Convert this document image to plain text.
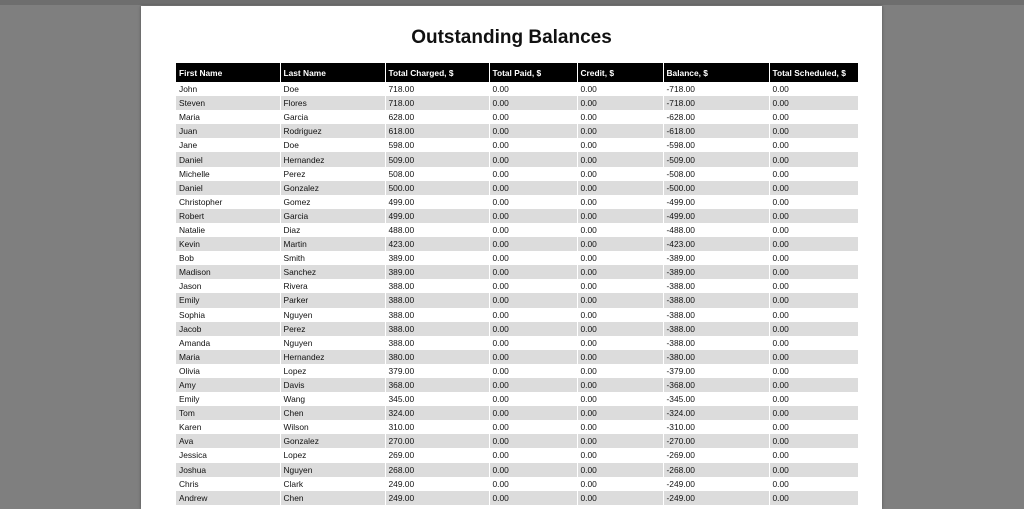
Outstanding Balances
First Name	Last Name	Total Charged, $	Total Paid, $	Credit, $	Balance, $	Total Scheduled, $
John	Doe	718.00	0.00	0.00	-718.00	0.00
Steven	Flores	718.00	0.00	0.00	-718.00	0.00
Maria	Garcia	628.00	0.00	0.00	-628.00	0.00
Juan	Rodriguez	618.00	0.00	0.00	-618.00	0.00
Jane	Doe	598.00	0.00	0.00	-598.00	0.00
Daniel	Hernandez	509.00	0.00	0.00	-509.00	0.00
Michelle	Perez	508.00	0.00	0.00	-508.00	0.00
Daniel	Gonzalez	500.00	0.00	0.00	-500.00	0.00
Christopher	Gomez	499.00	0.00	0.00	-499.00	0.00
Robert	Garcia	499.00	0.00	0.00	-499.00	0.00
Natalie	Diaz	488.00	0.00	0.00	-488.00	0.00
Kevin	Martin	423.00	0.00	0.00	-423.00	0.00
Bob	Smith	389.00	0.00	0.00	-389.00	0.00
Madison	Sanchez	389.00	0.00	0.00	-389.00	0.00
Jason	Rivera	388.00	0.00	0.00	-388.00	0.00
Emily	Parker	388.00	0.00	0.00	-388.00	0.00
Sophia	Nguyen	388.00	0.00	0.00	-388.00	0.00
Jacob	Perez	388.00	0.00	0.00	-388.00	0.00
Amanda	Nguyen	388.00	0.00	0.00	-388.00	0.00
Maria	Hernandez	380.00	0.00	0.00	-380.00	0.00
Olivia	Lopez	379.00	0.00	0.00	-379.00	0.00
Amy	Davis	368.00	0.00	0.00	-368.00	0.00
Emily	Wang	345.00	0.00	0.00	-345.00	0.00
Tom	Chen	324.00	0.00	0.00	-324.00	0.00
Karen	Wilson	310.00	0.00	0.00	-310.00	0.00
Ava	Gonzalez	270.00	0.00	0.00	-270.00	0.00
Jessica	Lopez	269.00	0.00	0.00	-269.00	0.00
Joshua	Nguyen	268.00	0.00	0.00	-268.00	0.00
Chris	Clark	249.00	0.00	0.00	-249.00	0.00
Andrew	Chen	249.00	0.00	0.00	-249.00	0.00
